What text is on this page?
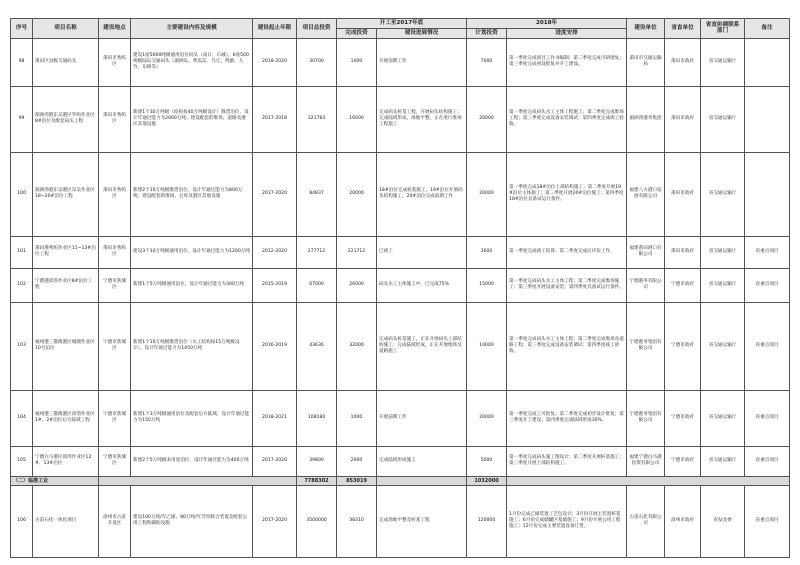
序号	项目名称	建设地点	主要建设内容及规模	建设起止年限	项目总投资	开工至2017年底		2018年		建设单位	省直单位	省直协调联系部门	备注
						完成投资	建设进展情况	计划投资	进度安排				
98	莆田区县级交通码头	莆田市秀屿区	建设1座5000吨级通用泊位码头（南日、石城），6座500吨级陆岛交通码头（湄洲岛、黄瓜岛、乌丘、鸬鹚、大竹、东峤等）	2018-2020	30700	1000	开展前期工作	7000	第一季度完成项目工作书编制；第二季度完成可研批复；第三季度完成初设批复并开工建设。	莆田市交通运输局	莆田市政府	省交通运输厅	
99	湄洲湾港东吴港区罗屿作业区8#泊位及配套码头工程	莆田市秀屿区	新建1个30万吨级（结构按40万吨级设计）散货泊位，设计年通过能力为2000万吨；建设配套的堆场、道路及港区其他设施	2017-2018	321783	16000	完成码头桩基工程，开展码头结构施工；完成陆域形成、场地平整，正在进行堆场工程施工	20000	第一季度完成码头水工主体工程施工；第二季度完成堆场工程；第三季度完成设备安装调试；第四季度完成竣工验收。	湄洲湾港务集团	莆田市政府	省交通运输厅	
100	湄洲湾港东吴港区东吴作业区18~20#泊位工程	莆田市秀屿区	新建2个10万吨级散货泊位，设计年通过能力为800万吨；建设配套的堆场、仓库及港区其他设施	2017-2020	84837	20000	18#泊位完成桩基施工，19#泊位开展码头结构施工，20#泊位完成前期工作	20000	第一季度完成18#泊位上部结构施工；第二季度开展19#泊位主体施工；第三季度开展20#泊位施工；第四季度18#泊位具备试运行条件。	福建八方港口发展有限公司	莆田市政府	省交通运输厅	
101	莆田港秀屿作业区11~13#泊位工程	莆田市秀屿区	建设3个10万吨级通用泊位，设计年通过能力为1200万吨	2012-2020	277712	221712	已竣工	3600	第一季度完成竣工结算；第二季度完成后评价工作。	福建莆田港口有限公司	莆田市政府	省交通运输厅	省重点项目
102	宁德港漳湾作业区8#泊位工程	宁德市蕉城区	新建1个5万吨级通用泊位，设计年通过能力为300万吨	2015-2019	67000	26000	码头水工主体施工中，已完成75%	15000	第一季度完成码头水工主体工程；第二季度完成堆场施工；第三季度开展设备安装；第四季度具备试运行条件。	宁德港务有限公司	宁德市政府	省交通运输厅	省重点项目
103	福州港三都澳港区城澳作业区10号泊位	宁德市蕉城区	新建1个10万吨级散货泊位（水工结构按15万吨级设计），设计年通过能力为1450万吨	2016-2019	43636	32000	完成码头桩基施工，正在开展码头上部结构施工；完成陆域形成，正在开展堆场及道路施工	10000	第一季度完成码头水工主体工程；第二季度完成堆场及道路工程；第三季度完成设备安装调试；第四季度竣工验收。	宁德港务集团有限公司	宁德市政府	省交通运输厅	省重点项目
104	福州港三都澳港区漳湾作业区1#、2#泊位后方陆域工程	宁德市蕉城区	新建1个3万吨级通用泊位及配套后方陆域，设计年通过能力为150万吨	2018-2021	108180	1000	开展前期工作	20000	第一季度完成工可批复；第二季度完成初步设计批复；第三季度开工建设；第四季度完成陆域形成30%。	宁德港务集团有限公司	宁德市政府	省交通运输厅	省重点项目
105	宁德白马港区漳湾作业区12#、13#泊位	宁德市蕉城区	新建2个5万吨级多用途泊位，设计年通过能力为400万吨	2017-2020	39800	2000	完成陆域形成施工	5000	第一季度完成码头施工图设计；第二季度开展桩基施工；第三季度开展上部结构施工。	福建宁德白马港投资有限公司	宁德市政府	省交通运输厅	省重点项目
（二）临港工业					7788302	853019		1032000					
106	古雷石化一体化项目	漳州市古雷开发区	建设100万吨/年乙烯、80万吨/年芳烃联合装置及配套公用工程和辅助设施	2017-2020	3500000	38310	完成场地平整及桩基工程	120000	1月份完成乙烯装置工艺包设计；3月份开展主装置桩基施工；6月份完成储罐区基础施工；9月份开展公用工程施工；12月份完成主要装置设备订货。	古雷石化有限公司	漳州市政府	省发改委	省重点项目
